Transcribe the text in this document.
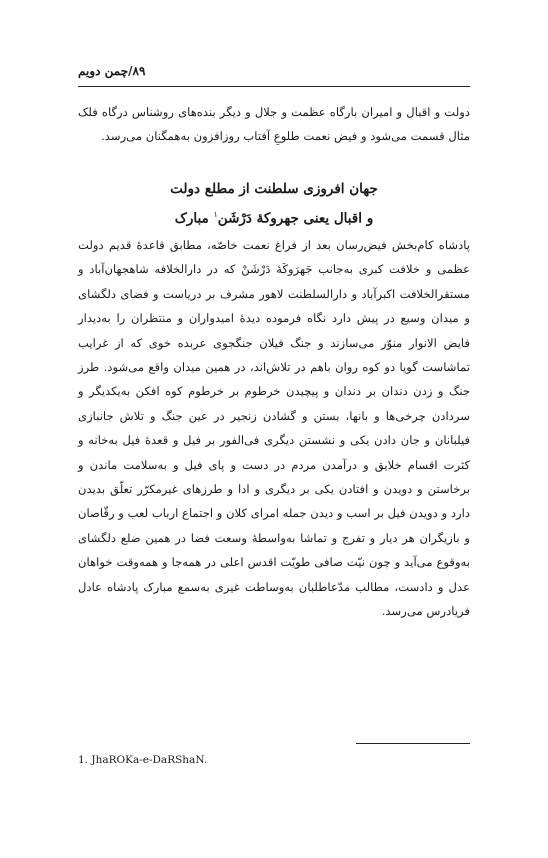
۸۹/چمن دویم

دولت و اقبال و امیران بارگاه عظمت و جلال و دیگر بنده‌های روشناس درگاه فلک مثال قسمت می‌شود و فیض نعمت طلوعِ آفتاب روزافزون به‌همگنان می‌رسد.

جهان افروزی سلطنت از مطلع دولت
و اقبال یعنی جهروکهٔ دَرْشَن$^۱$ مبارک

پادشاه کام‌بخش فیض‌رسان بعد از فراغ نعمت خاصّه، مطابق قاعدهٔ قدیم دولت عظمی و خلافت کبری به‌جانب جَهرَوکَهٔ دَرْشَنْ که در دارالخلافه شاهجهان‌آباد و مستقرالخلافت اکبرآباد و دارالسلطنت لاهور مشرف بر دریاست و فضای دلگشای و میدان وسیع در پیش دارد نگاه فرموده دیدهٔ امیدواران و منتظران را به‌دیدار فایض الانوار منوّر می‌سازند و جنگ فیلان جنگجوی عربده خوی که از غرایب تماشاست گویا دو کوه روان باهم در تلاش‌اند، در همین میدان واقع می‌شود. طرز جنگ و زدن دندان بر دندان و پیچیدن خرطوم بر خرطوم کوه افکن به‌یکدیگر و سردادن چرخی‌ها و بانها، بستن و گشادن زنجیر در عین جنگ و تلاش جانبازی فیلبانان و جان دادن یکی و نشستن دیگری فی‌الفور بر فیل و قعدهٔ فیل به‌خانه و کثرت اقسام خلایق و درآمدن مردم در دست و پای فیل و به‌سلامت ماندن و برخاستن و دویدن و افتادن یکی بر دیگری و ادا و طرزهای غیرمکرّر تعلّق بدیدن دارد و دویدن فیل بر اسب و دیدن جمله امرای کلان و اجتماع ارباب لعب و رقّاصان و بازیگران هر دیار و تفرج و تماشا به‌واسطهٔ وسعت فضا در همین ضلع دلگشای به‌وقوع می‌آید و چون نیّت صافی طویّت اقدس اعلی در همه‌جا و همه‌وقت خواهان عدل و دادست، مطالب مدّعاطلبان به‌وساطت غیری به‌سمع مبارک پادشاه عادل فریادرس می‌رسد.

1. JhaROKa-e-DaRShaN.
